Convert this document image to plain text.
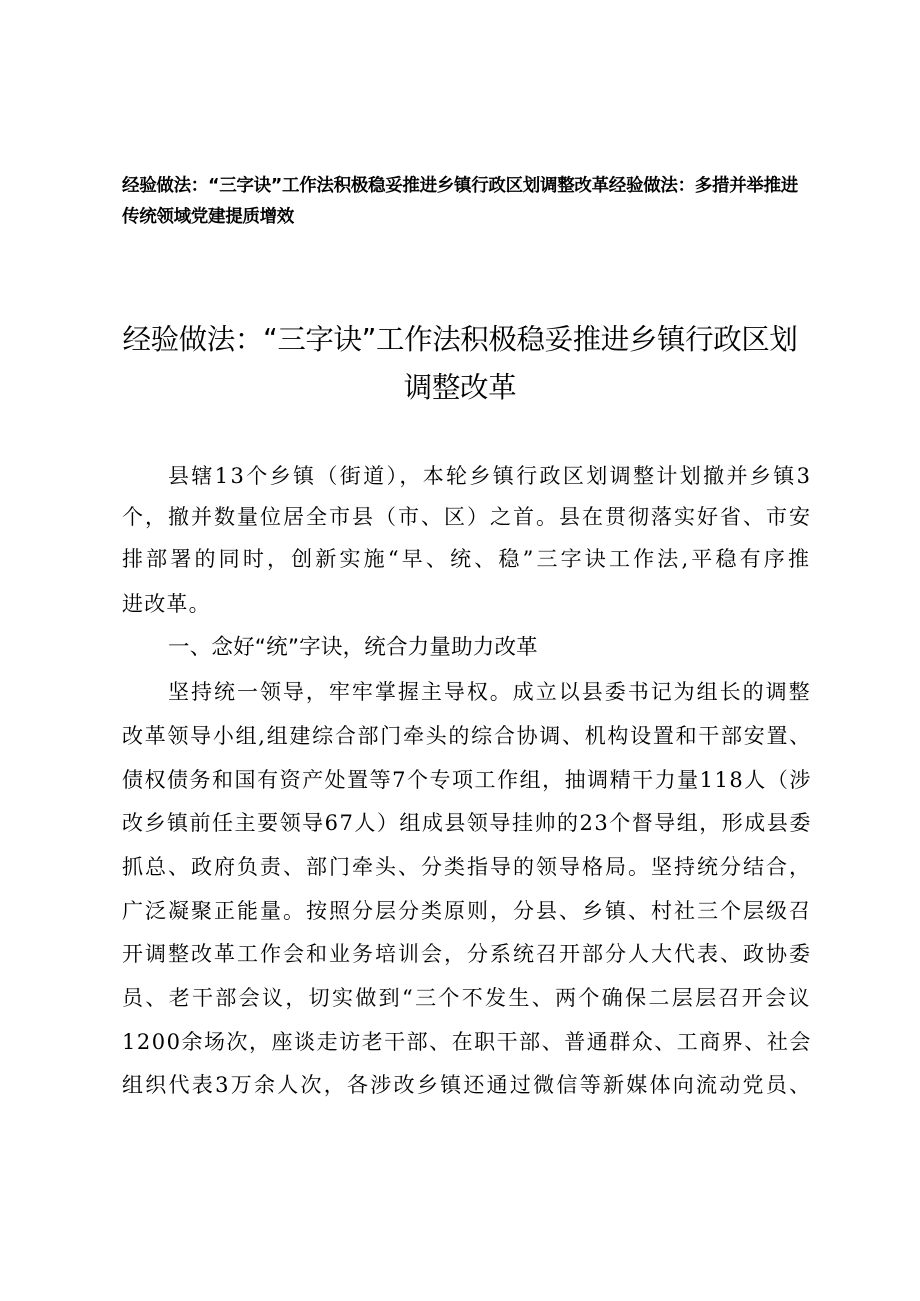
经验做法：“三字诀”工作法积极稳妥推进乡镇行政区划调整改革经验做法：多措并举推进
传统领域党建提质增效
经验做法：“三字诀”工作法积极稳妥推进乡镇行政区划
调整改革
县辖13个乡镇（街道），本轮乡镇行政区划调整计划撤并乡镇3
个，撤并数量位居全市县（市、区）之首。县在贯彻落实好省、市安
排部署的同时，创新实施“早、统、稳”三字诀工作法,平稳有序推
进改革。
一、念好“统”字诀，统合力量助力改革
坚持统一领导，牢牢掌握主导权。成立以县委书记为组长的调整
改革领导小组,组建综合部门牵头的综合协调、机构设置和干部安置、
债权债务和国有资产处置等7个专项工作组，抽调精干力量118人（涉
改乡镇前任主要领导67人）组成县领导挂帅的23个督导组，形成县委
抓总、政府负责、部门牵头、分类指导的领导格局。坚持统分结合，
广泛凝聚正能量。按照分层分类原则，分县、乡镇、村社三个层级召
开调整改革工作会和业务培训会，分系统召开部分人大代表、政协委
员、老干部会议，切实做到“三个不发生、两个确保二层层召开会议
1200余场次，座谈走访老干部、在职干部、普通群众、工商界、社会
组织代表3万余人次，各涉改乡镇还通过微信等新媒体向流动党员、
